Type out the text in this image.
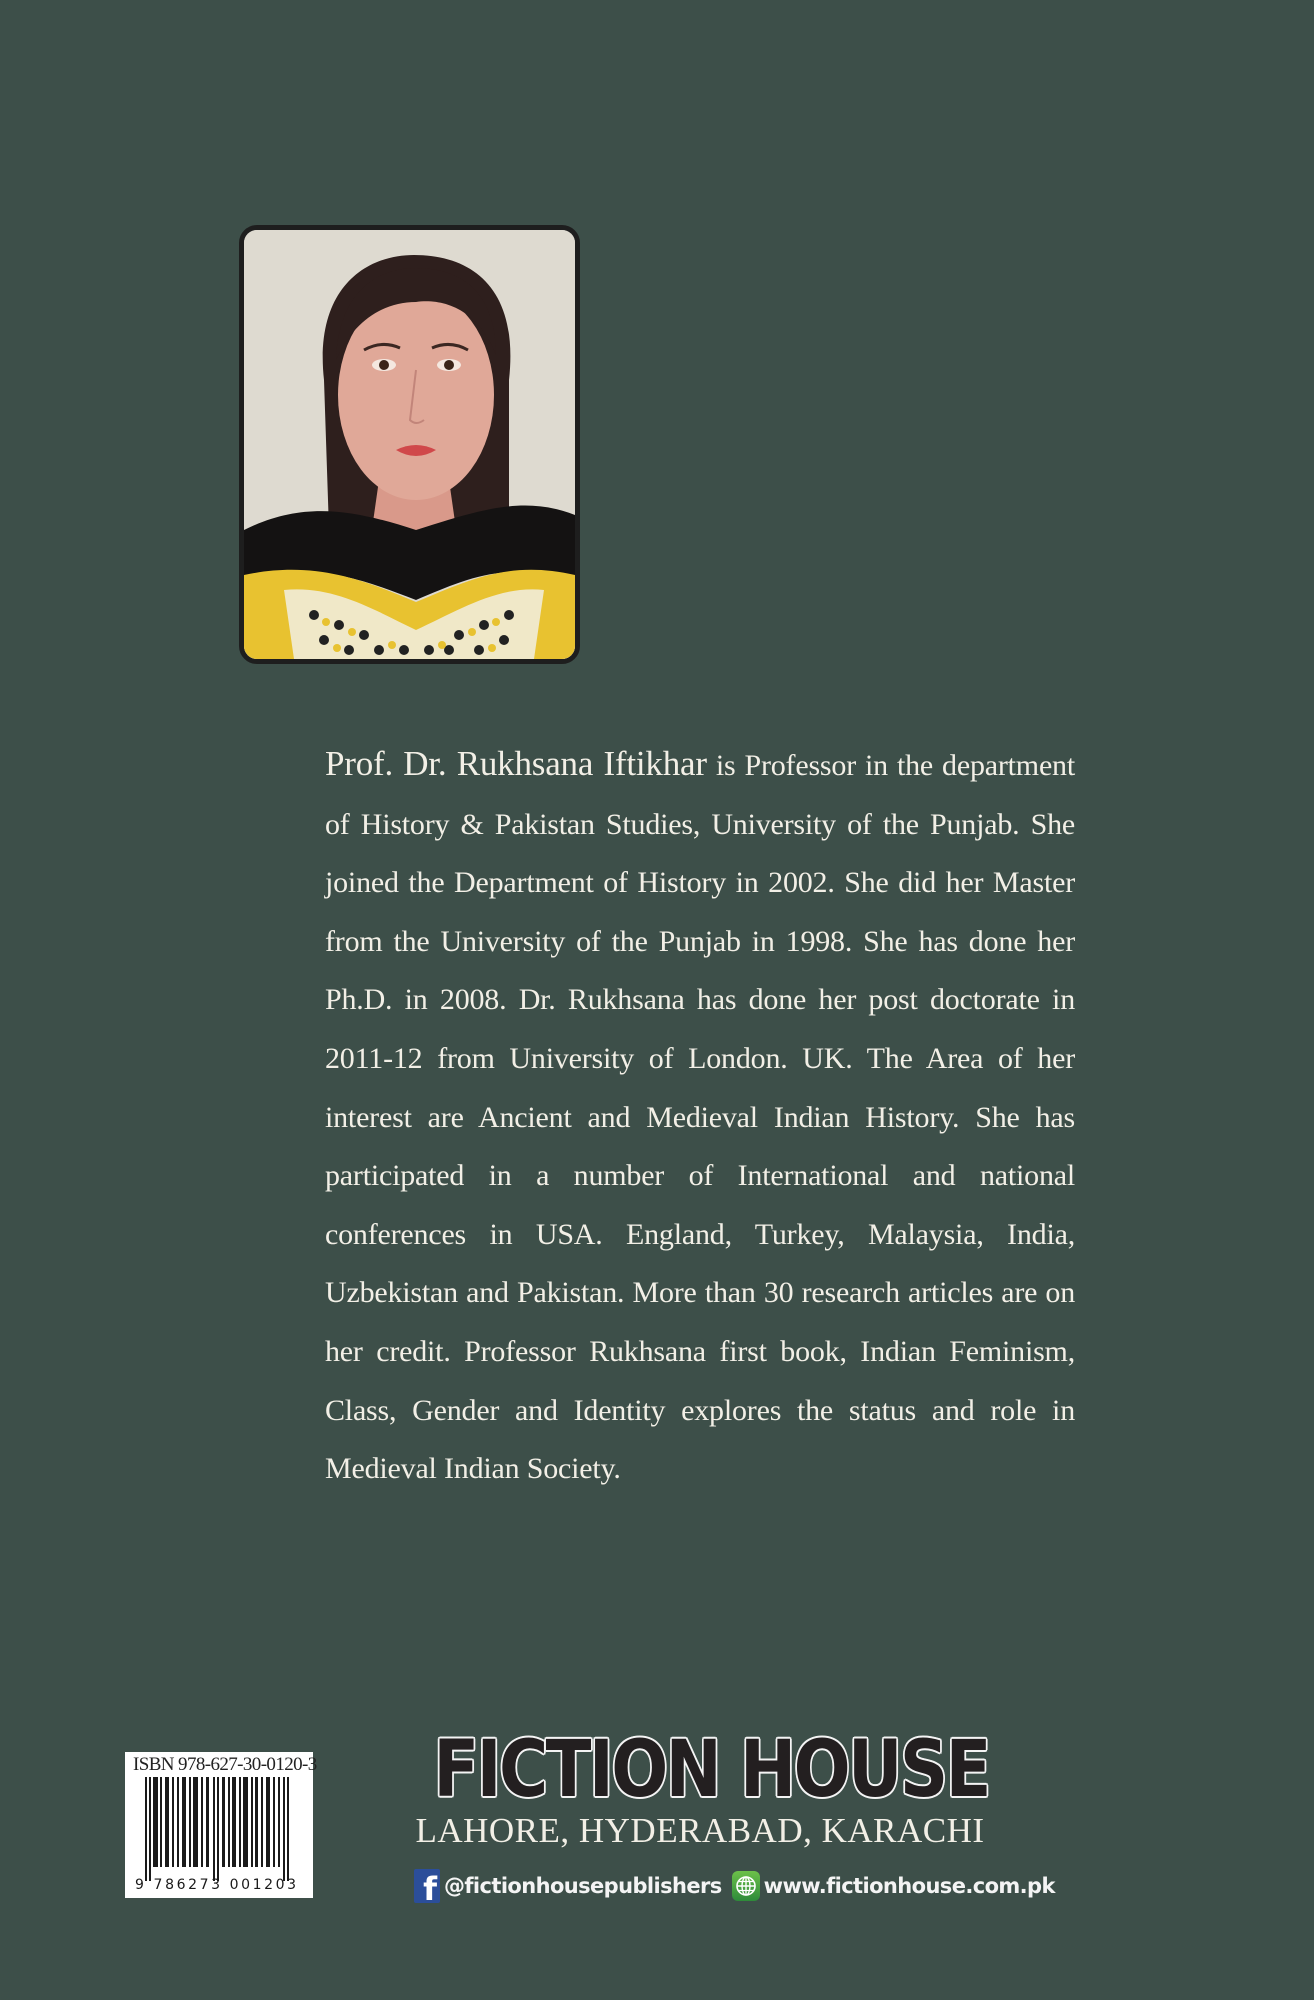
Prof. Dr. Rukhsana Iftikhar is Professor in the department of History & Pakistan Studies, University of the Punjab. She joined the Department of History in 2002. She did her Master from the University of the Punjab in 1998. She has done her Ph.D. in 2008. Dr. Rukhsana has done her post doctorate in 2011-12 from University of London. UK. The Area of her interest are Ancient and Medieval Indian History. She has participated in a number of International and national conferences in USA. England, Turkey, Malaysia, India, Uzbekistan and Pakistan. More than 30 research articles are on her credit. Professor Rukhsana first book, Indian Feminism, Class, Gender and Identity explores the status and role in Medieval Indian Society.

ISBN 978-627-30-0120-3
9 786273 001203
FICTION HOUSE
LAHORE, HYDERABAD, KARACHI
f @fictionhousepublishers www.fictionhouse.com.pk
